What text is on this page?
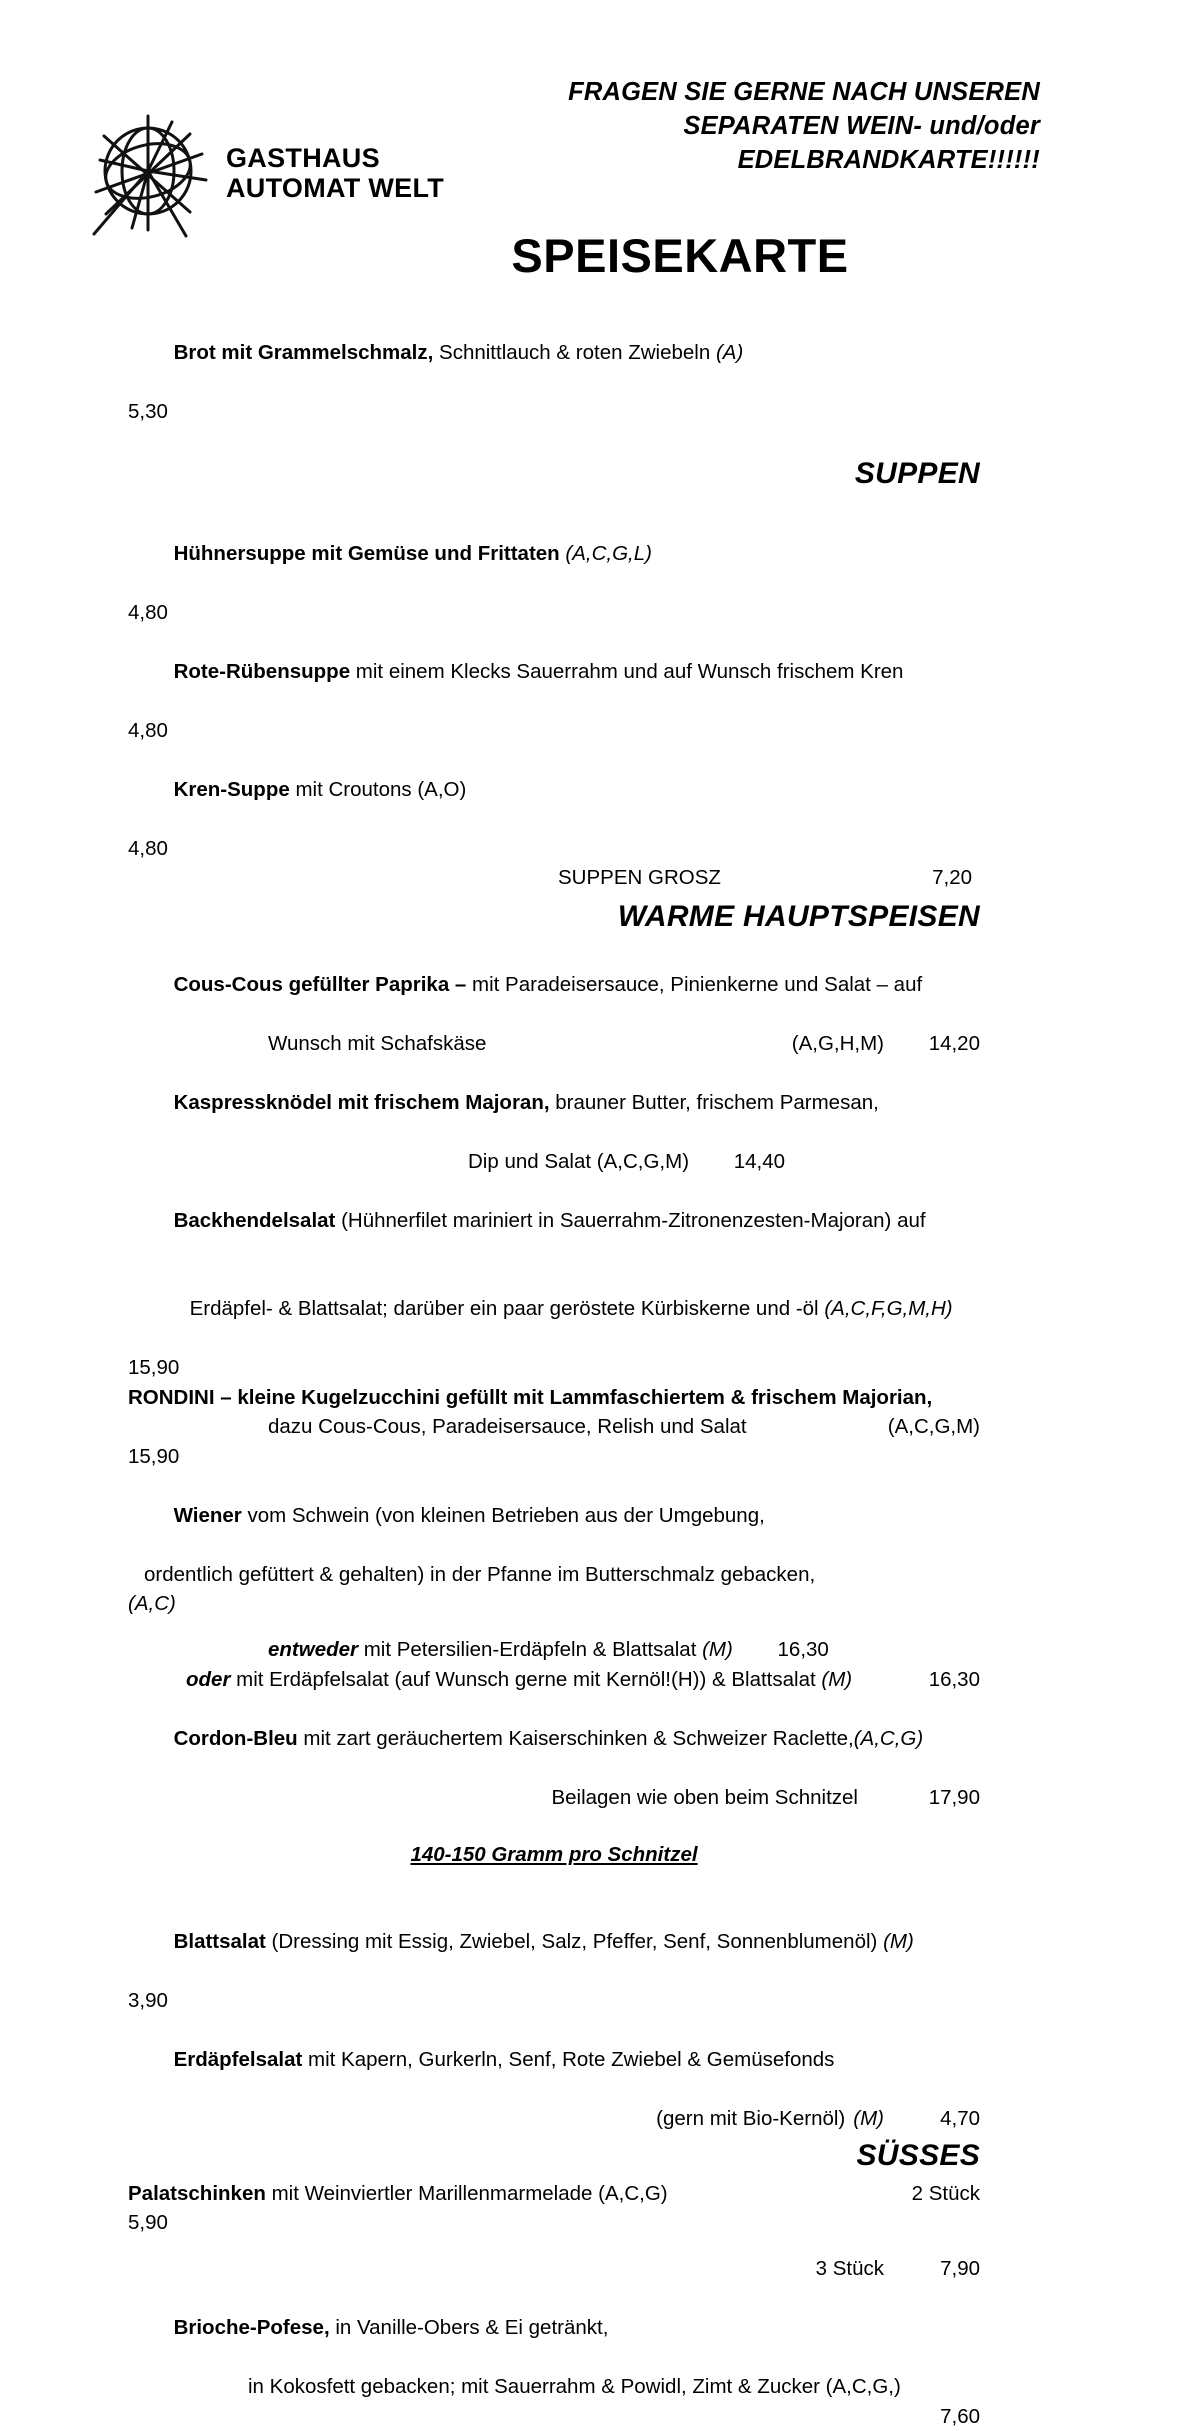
GASTHAUS
AUTOMAT WELT
FRAGEN SIE GERNE NACH UNSEREN
SEPARATEN WEIN- und/oder
EDELBRANDKARTE!!!!!!
SPEISEKARTE

Brot mit Grammelschmalz, Schnittlauch & roten Zwiebeln (A)

5,30
SUPPEN

Hühnersuppe mit Gemüse und Frittaten (A,C,G,L)

4,80

Rote-Rübensuppe mit einem Klecks Sauerrahm und auf Wunsch frischem Kren

4,80

Kren-Suppe mit Croutons (A,O)

4,80
SUPPEN GROSZ	7,20
WARME HAUPTSPEISEN

Cous-Cous gefüllter Paprika – mit Paradeisersauce, Pinienkerne und Salat – auf

Wunsch mit Schafskäse	(A,G,H,M)	14,20

Kaspressknödel mit frischem Majoran, brauner Butter, frischem Parmesan,

Dip und Salat (A,C,G,M)	14,40

Backhendelsalat (Hühnerfilet mariniert in Sauerrahm-Zitronenzesten-Majoran) auf

Erdäpfel- & Blattsalat; darüber ein paar geröstete Kürbiskerne und -öl (A,C,F,G,M,H)

15,90
RONDINI – kleine Kugelzucchini gefüllt mit Lammfaschiertem & frischem Majorian,
dazu Cous-Cous, Paradeisersauce, Relish und Salat	(A,C,G,M)
15,90

Wiener vom Schwein (von kleinen Betrieben aus der Umgebung,

ordentlich gefüttert & gehalten) in der Pfanne im Butterschmalz gebacken,
(A,C)
entweder mit Petersilien-Erdäpfeln & Blattsalat (M)	16,30
oder mit Erdäpfelsalat (auf Wunsch gerne mit Kernöl!(H)) & Blattsalat (M)	16,30

Cordon-Bleu mit zart geräuchertem Kaiserschinken & Schweizer Raclette,(A,C,G)

Beilagen wie oben beim Schnitzel	17,90
140-150 Gramm pro Schnitzel

Blattsalat (Dressing mit Essig, Zwiebel, Salz, Pfeffer, Senf, Sonnenblumenöl) (M)

3,90

Erdäpfelsalat mit Kapern, Gurkerln, Senf, Rote Zwiebel & Gemüsefonds

(gern mit Bio-Kernöl) (M)	4,70
SÜSSES
Palatschinken mit Weinviertler Marillenmarmelade (A,C,G)	2 Stück
5,90
3 Stück	7,90

Brioche-Pofese, in Vanille-Obers & Ei getränkt,

in Kokosfett gebacken; mit Sauerrahm & Powidl, Zimt & Zucker (A,C,G,)
7,60
